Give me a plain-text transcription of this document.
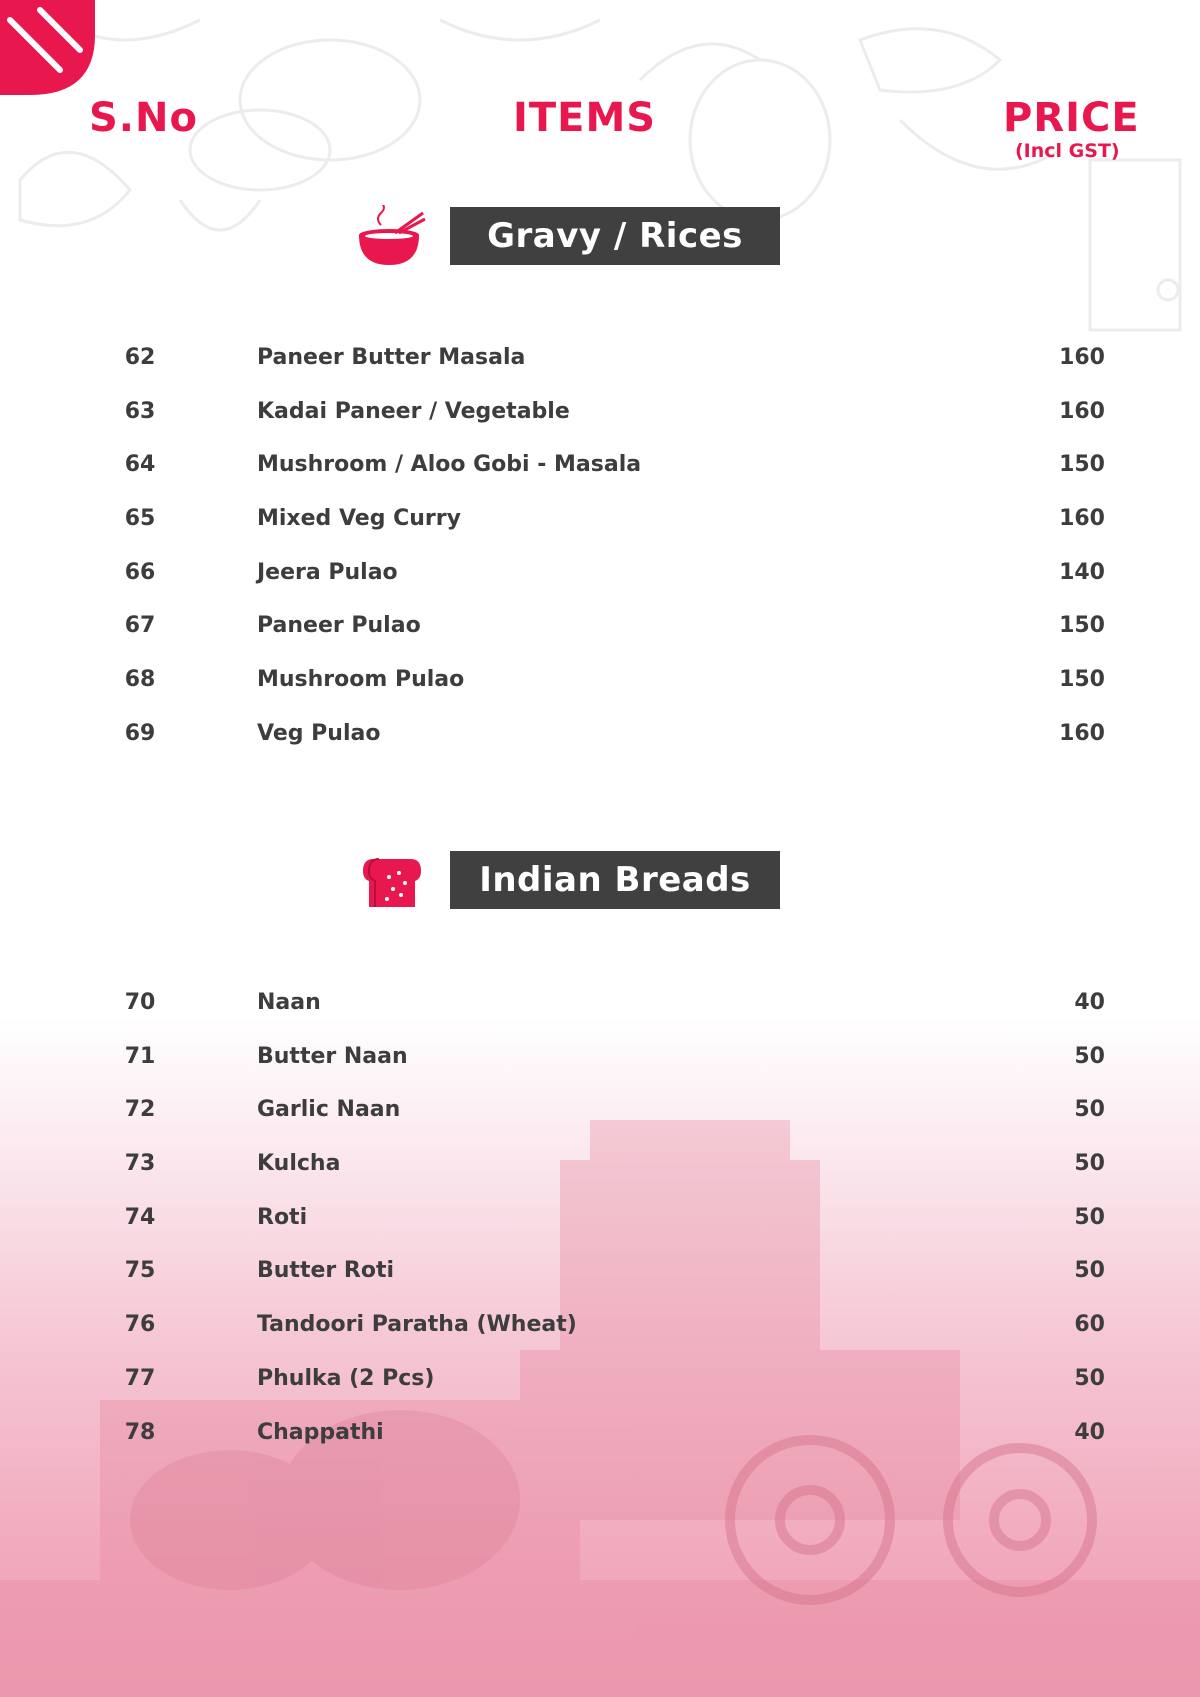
S.No	ITEMS	PRICE
(Incl GST)
Gravy / Rices
62	Paneer Butter Masala	160
63	Kadai Paneer / Vegetable	160
64	Mushroom / Aloo Gobi - Masala	150
65	Mixed Veg Curry	160
66	Jeera Pulao	140
67	Paneer Pulao	150
68	Mushroom Pulao	150
69	Veg Pulao	160
Indian Breads
70	Naan	40
71	Butter Naan	50
72	Garlic Naan	50
73	Kulcha	50
74	Roti	50
75	Butter Roti	50
76	Tandoori Paratha (Wheat)	60
77	Phulka (2 Pcs)	50
78	Chappathi	40
